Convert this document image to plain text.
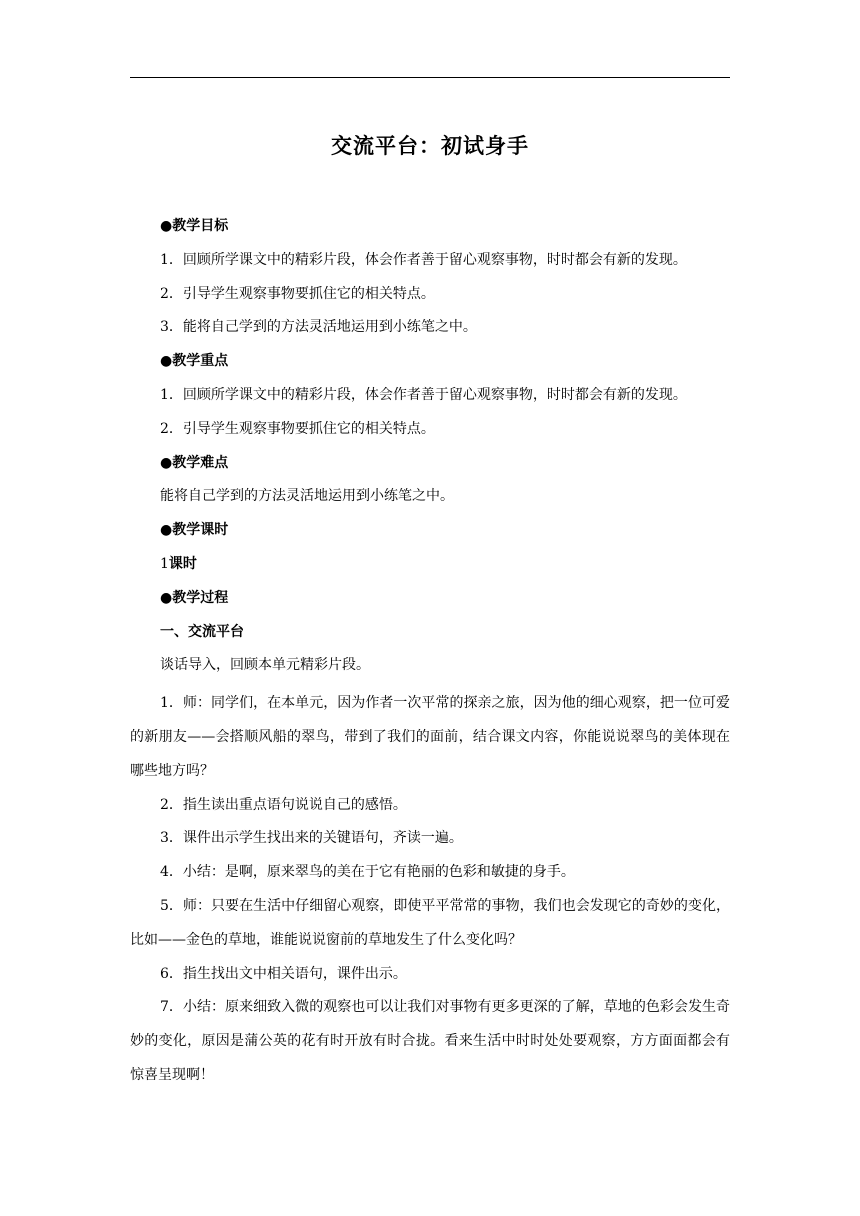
交流平台：初试身手
●教学目标
1．回顾所学课文中的精彩片段，体会作者善于留心观察事物，时时都会有新的发现。
2．引导学生观察事物要抓住它的相关特点。
3．能将自己学到的方法灵活地运用到小练笔之中。
●教学重点
1．回顾所学课文中的精彩片段，体会作者善于留心观察事物，时时都会有新的发现。
2．引导学生观察事物要抓住它的相关特点。
●教学难点
能将自己学到的方法灵活地运用到小练笔之中。
●教学课时
1课时
●教学过程
一、交流平台
谈话导入，回顾本单元精彩片段。
1．师：同学们，在本单元，因为作者一次平常的探亲之旅，因为他的细心观察，把一位可爱的新朋友——会搭顺风船的翠鸟，带到了我们的面前，结合课文内容，你能说说翠鸟的美体现在哪些地方吗？
2．指生读出重点语句说说自己的感悟。
3．课件出示学生找出来的关键语句，齐读一遍。
4．小结：是啊，原来翠鸟的美在于它有艳丽的色彩和敏捷的身手。
5．师：只要在生活中仔细留心观察，即使平平常常的事物，我们也会发现它的奇妙的变化，比如——金色的草地，谁能说说窗前的草地发生了什么变化吗？
6．指生找出文中相关语句，课件出示。
7．小结：原来细致入微的观察也可以让我们对事物有更多更深的了解，草地的色彩会发生奇妙的变化，原因是蒲公英的花有时开放有时合拢。看来生活中时时处处要观察，方方面面都会有惊喜呈现啊！
